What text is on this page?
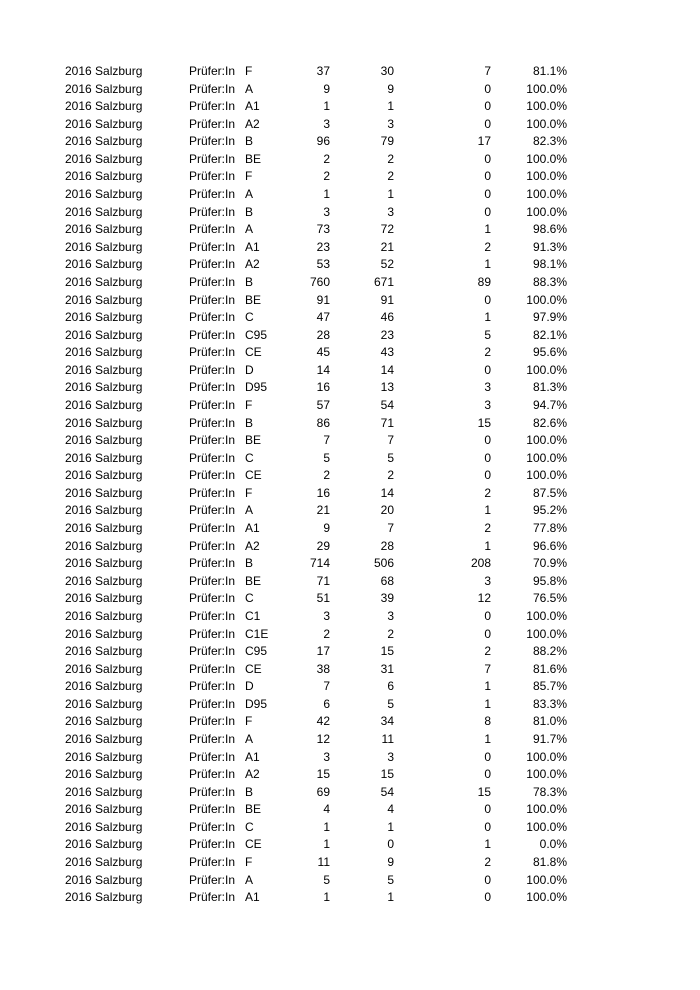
2016 Salzburg	Prüfer:In F	37	30	7	81.1%
2016 Salzburg	Prüfer:In A	9	9	0	100.0%
2016 Salzburg	Prüfer:In A1	1	1	0	100.0%
2016 Salzburg	Prüfer:In A2	3	3	0	100.0%
2016 Salzburg	Prüfer:In B	96	79	17	82.3%
2016 Salzburg	Prüfer:In BE	2	2	0	100.0%
2016 Salzburg	Prüfer:In F	2	2	0	100.0%
2016 Salzburg	Prüfer:In A	1	1	0	100.0%
2016 Salzburg	Prüfer:In B	3	3	0	100.0%
2016 Salzburg	Prüfer:In A	73	72	1	98.6%
2016 Salzburg	Prüfer:In A1	23	21	2	91.3%
2016 Salzburg	Prüfer:In A2	53	52	1	98.1%
2016 Salzburg	Prüfer:In B	760	671	89	88.3%
2016 Salzburg	Prüfer:In BE	91	91	0	100.0%
2016 Salzburg	Prüfer:In C	47	46	1	97.9%
2016 Salzburg	Prüfer:In C95	28	23	5	82.1%
2016 Salzburg	Prüfer:In CE	45	43	2	95.6%
2016 Salzburg	Prüfer:In D	14	14	0	100.0%
2016 Salzburg	Prüfer:In D95	16	13	3	81.3%
2016 Salzburg	Prüfer:In F	57	54	3	94.7%
2016 Salzburg	Prüfer:In B	86	71	15	82.6%
2016 Salzburg	Prüfer:In BE	7	7	0	100.0%
2016 Salzburg	Prüfer:In C	5	5	0	100.0%
2016 Salzburg	Prüfer:In CE	2	2	0	100.0%
2016 Salzburg	Prüfer:In F	16	14	2	87.5%
2016 Salzburg	Prüfer:In A	21	20	1	95.2%
2016 Salzburg	Prüfer:In A1	9	7	2	77.8%
2016 Salzburg	Prüfer:In A2	29	28	1	96.6%
2016 Salzburg	Prüfer:In B	714	506	208	70.9%
2016 Salzburg	Prüfer:In BE	71	68	3	95.8%
2016 Salzburg	Prüfer:In C	51	39	12	76.5%
2016 Salzburg	Prüfer:In C1	3	3	0	100.0%
2016 Salzburg	Prüfer:In C1E	2	2	0	100.0%
2016 Salzburg	Prüfer:In C95	17	15	2	88.2%
2016 Salzburg	Prüfer:In CE	38	31	7	81.6%
2016 Salzburg	Prüfer:In D	7	6	1	85.7%
2016 Salzburg	Prüfer:In D95	6	5	1	83.3%
2016 Salzburg	Prüfer:In F	42	34	8	81.0%
2016 Salzburg	Prüfer:In A	12	11	1	91.7%
2016 Salzburg	Prüfer:In A1	3	3	0	100.0%
2016 Salzburg	Prüfer:In A2	15	15	0	100.0%
2016 Salzburg	Prüfer:In B	69	54	15	78.3%
2016 Salzburg	Prüfer:In BE	4	4	0	100.0%
2016 Salzburg	Prüfer:In C	1	1	0	100.0%
2016 Salzburg	Prüfer:In CE	1	0	1	0.0%
2016 Salzburg	Prüfer:In F	11	9	2	81.8%
2016 Salzburg	Prüfer:In A	5	5	0	100.0%
2016 Salzburg	Prüfer:In A1	1	1	0	100.0%
